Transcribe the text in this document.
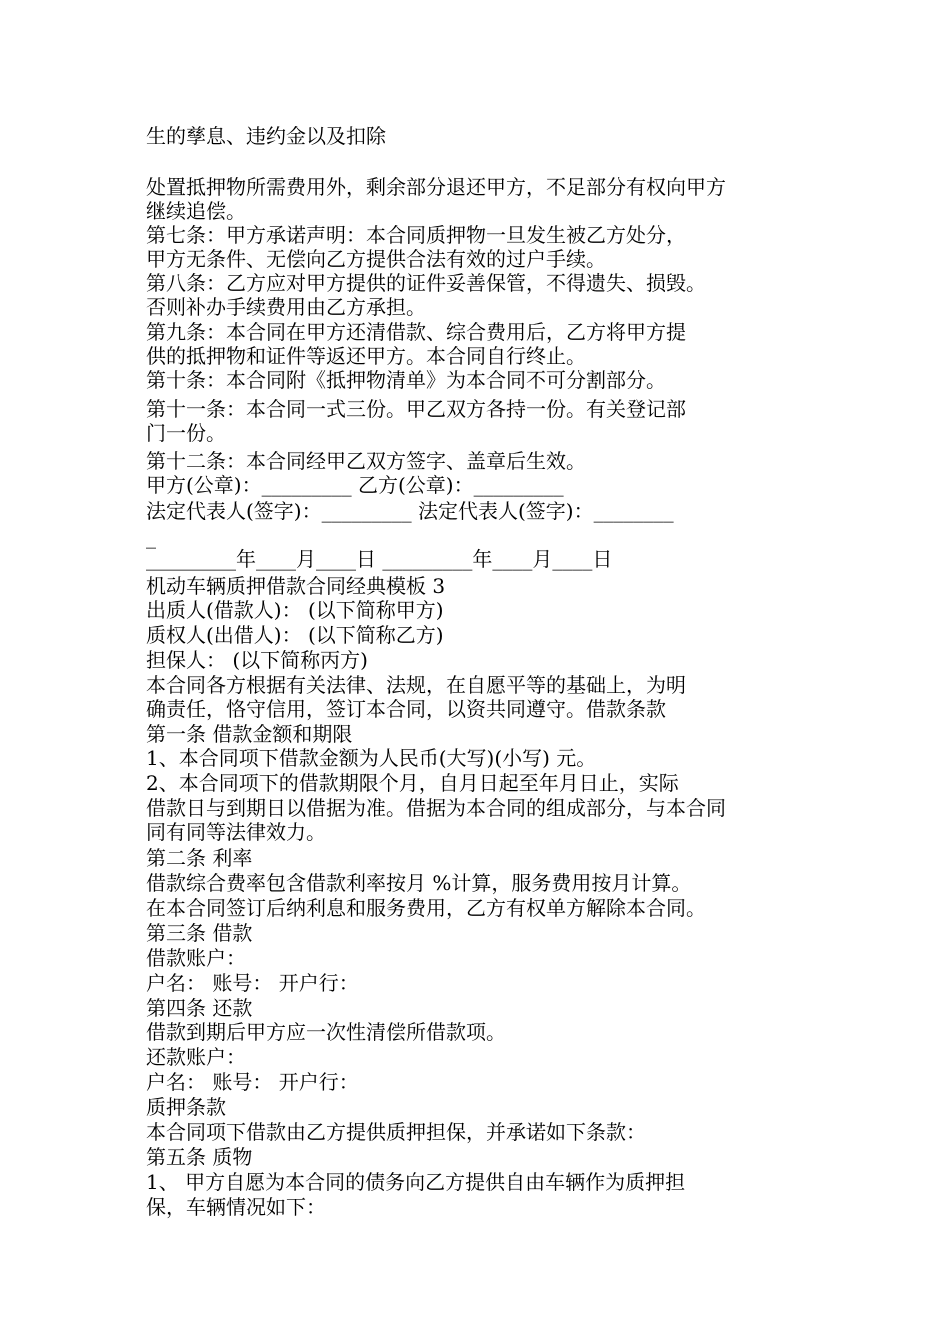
生的孳息、违约金以及扣除
处置抵押物所需费用外，剩余部分退还甲方，不足部分有权向甲方
继续追偿。
第七条：甲方承诺声明：本合同质押物一旦发生被乙方处分，
甲方无条件、无偿向乙方提供合法有效的过户手续。
第八条：乙方应对甲方提供的证件妥善保管，不得遗失、损毁。
否则补办手续费用由乙方承担。
第九条：本合同在甲方还清借款、综合费用后，乙方将甲方提
供的抵押物和证件等返还甲方。本合同自行终止。
第十条：本合同附《抵押物清单》为本合同不可分割部分。
第十一条：本合同一式三份。甲乙双方各持一份。有关登记部
门一份。
第十二条：本合同经甲乙双方签字、盖章后生效。
甲方(公章)：_________ 乙方(公章)：_________
法定代表人(签字)：_________ 法定代表人(签字)：________
_
_________年____月____日 _________年____月____日
机动车辆质押借款合同经典模板 3
出质人(借款人)： (以下简称甲方)
质权人(出借人)： (以下简称乙方)
担保人： (以下简称丙方)
本合同各方根据有关法律、法规，在自愿平等的基础上，为明
确责任，恪守信用，签订本合同，以资共同遵守。借款条款
第一条 借款金额和期限
1、本合同项下借款金额为人民币(大写)(小写) 元。
2、本合同项下的借款期限个月，自月日起至年月日止，实际
借款日与到期日以借据为准。借据为本合同的组成部分，与本合同
同有同等法律效力。
第二条 利率
借款综合费率包含借款利率按月 %计算，服务费用按月计算。
在本合同签订后纳利息和服务费用，乙方有权单方解除本合同。
第三条 借款
借款账户：
户名： 账号： 开户行：
第四条 还款
借款到期后甲方应一次性清偿所借款项。
还款账户：
户名： 账号： 开户行：
质押条款
本合同项下借款由乙方提供质押担保，并承诺如下条款：
第五条 质物
1、 甲方自愿为本合同的债务向乙方提供自由车辆作为质押担
保，车辆情况如下：
